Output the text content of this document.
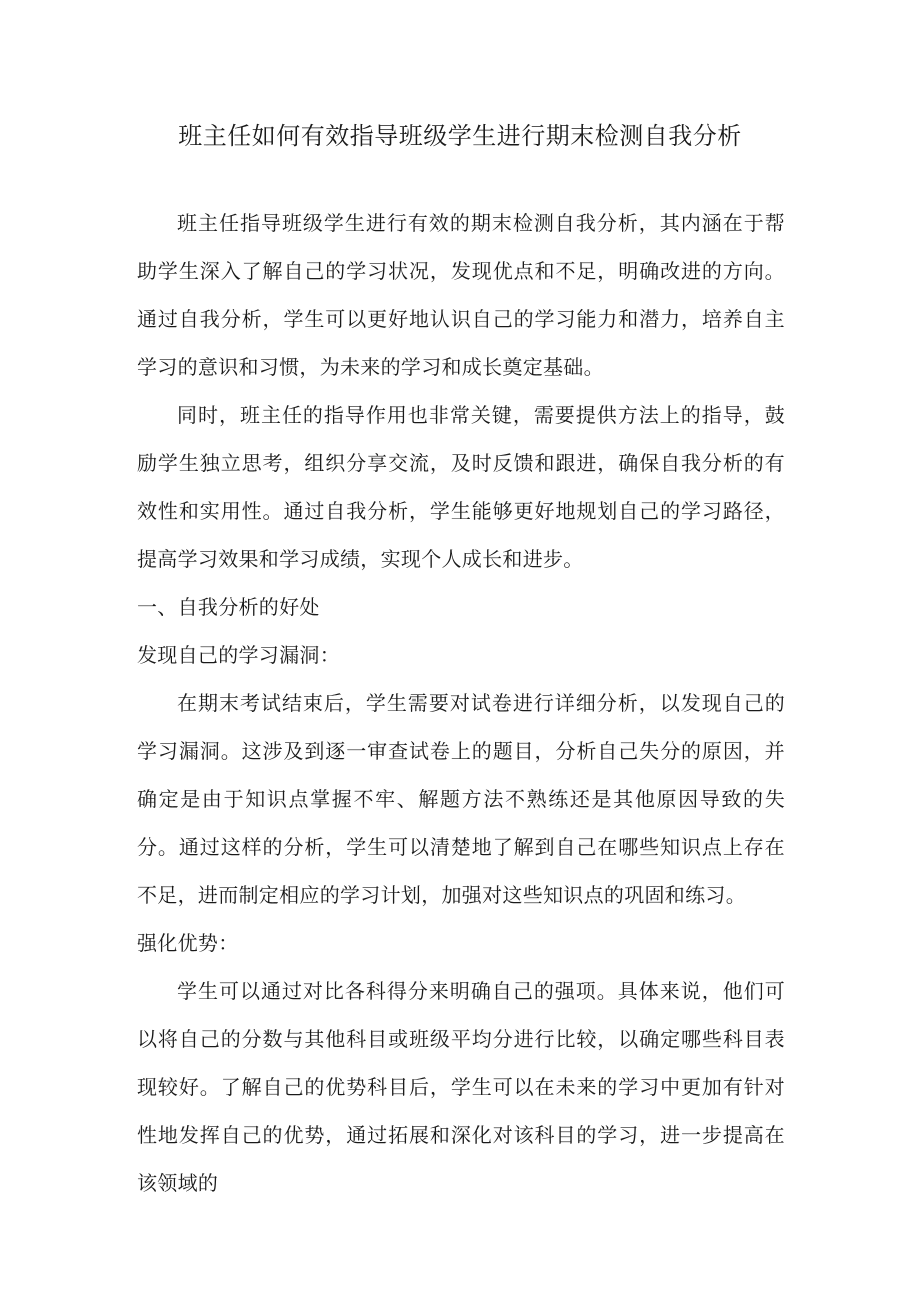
班主任如何有效指导班级学生进行期末检测自我分析

班主任指导班级学生进行有效的期末检测自我分析，其内涵在于帮助学生深入了解自己的学习状况，发现优点和不足，明确改进的方向。通过自我分析，学生可以更好地认识自己的学习能力和潜力，培养自主学习的意识和习惯，为未来的学习和成长奠定基础。

同时，班主任的指导作用也非常关键，需要提供方法上的指导，鼓励学生独立思考，组织分享交流，及时反馈和跟进，确保自我分析的有效性和实用性。通过自我分析，学生能够更好地规划自己的学习路径，提高学习效果和学习成绩，实现个人成长和进步。

一、自我分析的好处

发现自己的学习漏洞：

在期末考试结束后，学生需要对试卷进行详细分析，以发现自己的学习漏洞。这涉及到逐一审查试卷上的题目，分析自己失分的原因，并确定是由于知识点掌握不牢、解题方法不熟练还是其他原因导致的失分。通过这样的分析，学生可以清楚地了解到自己在哪些知识点上存在不足，进而制定相应的学习计划，加强对这些知识点的巩固和练习。

强化优势：

学生可以通过对比各科得分来明确自己的强项。具体来说，他们可以将自己的分数与其他科目或班级平均分进行比较，以确定哪些科目表现较好。了解自己的优势科目后，学生可以在未来的学习中更加有针对性地发挥自己的优势，通过拓展和深化对该科目的学习，进一步提高在该领域的
